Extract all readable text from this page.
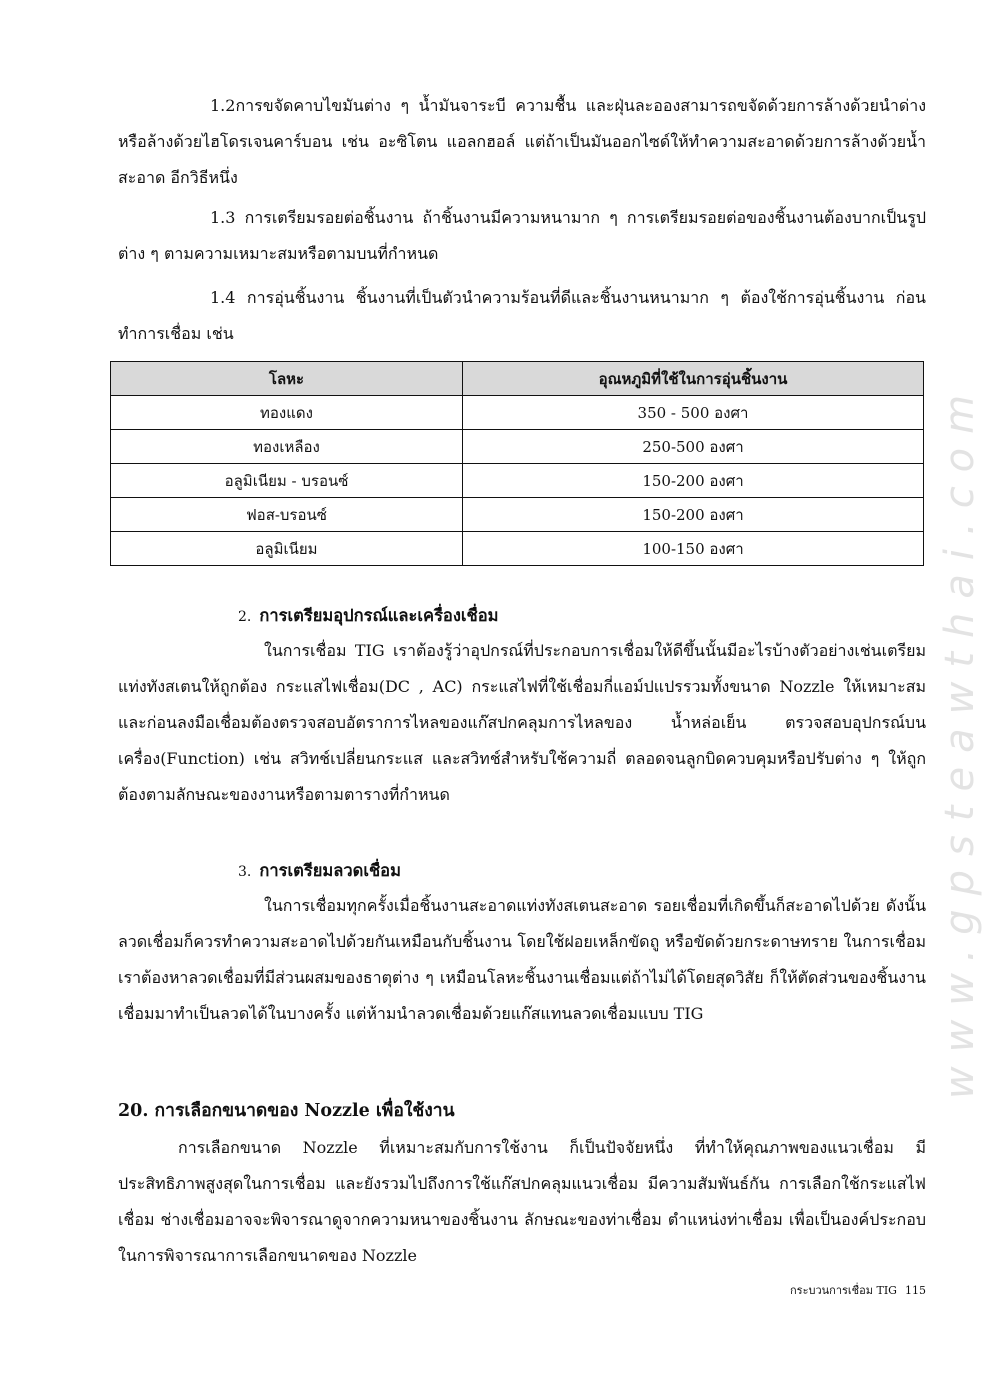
1.2การขจัดคาบไขมันต่าง ๆ น้ำมันจาระบี ความชื้น และฝุ่นละอองสามารถขจัดด้วยการล้างด้วยนำด่างหรือล้างด้วยไฮโดรเจนคาร์บอน เช่น อะซิโตน แอลกฮอล์ แต่ถ้าเป็นมันออกไซด์ให้ทำความสะอาดด้วยการล้างด้วยน้ำสะอาด อีกวิธีหนึ่ง
1.3 การเตรียมรอยต่อชิ้นงาน ถ้าชิ้นงานมีความหนามาก ๆ การเตรียมรอยต่อของชิ้นงานต้องบากเป็นรูปต่าง ๆ ตามความเหมาะสมหรือตามบนที่กำหนด
1.4 การอุ่นชิ้นงาน ชิ้นงานที่เป็นตัวนำความร้อนที่ดีและชิ้นงานหนามาก ๆ ต้องใช้การอุ่นชิ้นงาน ก่อนทำการเชื่อม เช่น
โลหะ	อุณหภูมิที่ใช้ในการอุ่นชิ้นงาน
ทองแดง	350 - 500 องศา
ทองเหลือง	250-500 องศา
อลูมิเนียม - บรอนซ์	150-200 องศา
ฟอส-บรอนซ์	150-200 องศา
อลูมิเนียม	100-150 องศา
2. การเตรียมอุปกรณ์และเครื่องเชื่อม
ในการเชื่อม TIG เราต้องรู้ว่าอุปกรณ์ที่ประกอบการเชื่อมให้ดีขึ้นนั้นมีอะไรบ้างตัวอย่างเช่นเตรียมแท่งทังสเตนให้ถูกต้อง กระแสไฟเชื่อม(DC , AC) กระแสไฟที่ใช้เชื่อมกี่แอม์ปแปรรวมทั้งขนาด Nozzle ให้เหมาะสม และก่อนลงมือเชื่อมต้องตรวจสอบอัตราการไหลของแก๊สปกคลุมการไหลของ น้ำหล่อเย็น ตรวจสอบอุปกรณ์บนเครื่อง(Function) เช่น สวิทช์เปลี่ยนกระแส และสวิทช์สำหรับใช้ความถี่ ตลอดจนลูกบิดควบคุมหรือปรับต่าง ๆ ให้ถูกต้องตามลักษณะของงานหรือตามตารางที่กำหนด
3. การเตรียมลวดเชื่อม
ในการเชื่อมทุกครั้งเมื่อชิ้นงานสะอาดแท่งทังสเตนสะอาด รอยเชื่อมที่เกิดขึ้นก็สะอาดไปด้วย ดังนั้นลวดเชื่อมก็ควรทำความสะอาดไปด้วยกันเหมือนกับชิ้นงาน โดยใช้ฝอยเหล็กขัดถู หรือขัดด้วยกระดาษทราย ในการเชื่อมเราต้องหาลวดเชื่อมที่มีส่วนผสมของธาตุต่าง ๆ เหมือนโลหะชิ้นงานเชื่อมแต่ถ้าไม่ได้โดยสุดวิสัย ก็ให้ตัดส่วนของชิ้นงานเชื่อมมาทำเป็นลวดได้ในบางครั้ง แต่ห้ามนำลวดเชื่อมด้วยแก๊สแทนลวดเชื่อมแบบ TIG
20. การเลือกขนาดของ Nozzle เพื่อใช้งาน
การเลือกขนาด Nozzle ที่เหมาะสมกับการใช้งาน ก็เป็นปัจจัยหนึ่ง ที่ทำให้คุณภาพของแนวเชื่อม มีประสิทธิภาพสูงสุดในการเชื่อม และยังรวมไปถึงการใช้แก๊สปกคลุมแนวเชื่อม มีความสัมพันธ์กัน การเลือกใช้กระแสไฟเชื่อม ช่างเชื่อมอาจจะพิจารณาดูจากความหนาของชิ้นงาน ลักษณะของท่าเชื่อม ตำแหน่งท่าเชื่อม เพื่อเป็นองค์ประกอบในการพิจารณาการเลือกขนาดของ Nozzle
www.gpsteawthai.com
กระบวนการเชื่อม TIG 115
